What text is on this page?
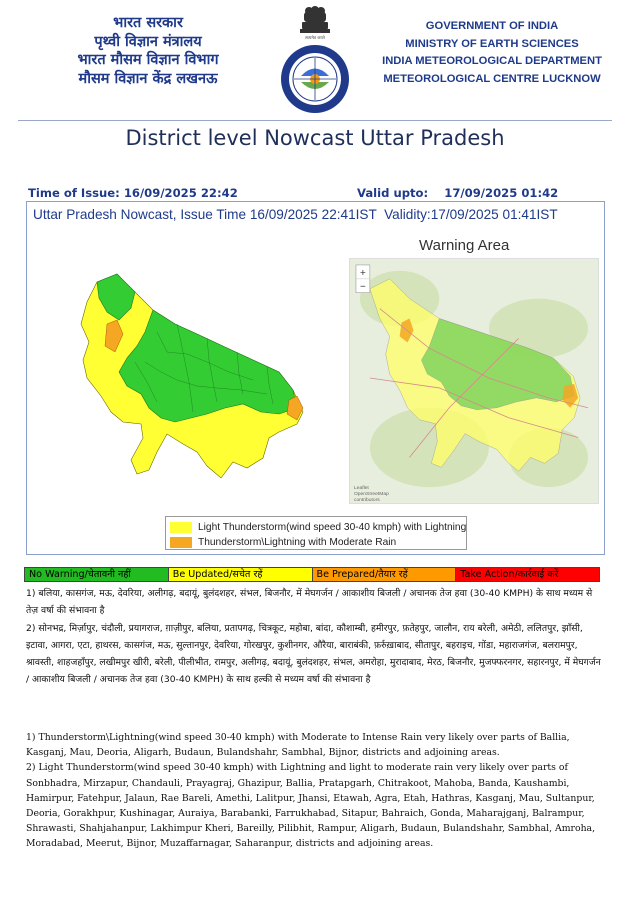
भारत सरकार
पृथ्वी विज्ञान मंत्रालय
भारत मौसम विज्ञान विभाग
मौसम विज्ञान केंद्र लखनऊ
सत्यमेव जयते
GOVERNMENT OF INDIA
MINISTRY OF EARTH SCIENCES
INDIA METEOROLOGICAL DEPARTMENT
METEOROLOGICAL CENTRE LUCKNOW
District level Nowcast Uttar Pradesh
Time of Issue: 16/09/2025 22:42	Valid upto:    17/09/2025 01:42
Uttar Pradesh Nowcast, Issue Time 16/09/2025 22:41IST  Validity:17/09/2025 01:41IST
Warning Area
+
−
Leaflet
OpenStreetMap
contributors
Light Thunderstorm(wind speed 30-40 kmph) with Lightning
Thunderstorm\Lightning with Moderate Rain
No Warning/चेतावनी नहीं	Be Updated/सचेत रहें	Be Prepared/तैयार रहें	Take Action/कार्रवाई करें

1) बलिया, कासगंज, मऊ, देवरिया, अलीगढ़, बदायूं, बुलंदशहर, संभल, बिजनौर, में मेघगर्जन / आकाशीय बिजली / अचानक तेज हवा (30-40 KMPH) के साथ मध्यम से तेज़ वर्षा की संभावना है

2) सोनभद्र, मिर्ज़ापुर, चंदौली, प्रयागराज, ग़ाज़ीपुर, बलिया, प्रतापगढ़, चित्रकूट, महोबा, बांदा, कौशाम्बी, हमीरपुर, फ़तेहपुर, जालौन, राय बरेली, अमेठी, ललितपुर, झाँसी, इटावा, आगरा, एटा, हाथरस, कासगंज, मऊ, सुल्तानपुर, देवरिया, गोरखपुर, कुशीनगर, औरैया, बाराबंकी, फ़र्रुख़ाबाद, सीतापुर, बहराइच, गोंडा, महाराजगंज, बलरामपुर, श्रावस्ती, शाहजहाँपुर, लखीमपुर खीरी, बरेली, पीलीभीत, रामपुर, अलीगढ़, बदायूं, बुलंदशहर, संभल, अमरोहा, मुरादाबाद, मेरठ, बिजनौर, मुजफ्फरनगर, सहारनपुर, में मेघगर्जन / आकाशीय बिजली / अचानक तेज हवा (30-40 KMPH) के साथ हल्की से मध्यम वर्षा की संभावना है

1) Thunderstorm\Lightning(wind speed 30-40 kmph) with Moderate to Intense Rain very likely over parts of Ballia, Kasganj, Mau, Deoria, Aligarh, Budaun, Bulandshahr, Sambhal, Bijnor, districts and adjoining areas.

2) Light Thunderstorm(wind speed 30-40 kmph) with Lightning and light to moderate rain very likely over parts of Sonbhadra, Mirzapur, Chandauli, Prayagraj, Ghazipur, Ballia, Pratapgarh, Chitrakoot, Mahoba, Banda, Kaushambi, Hamirpur, Fatehpur, Jalaun, Rae Bareli, Amethi, Lalitpur, Jhansi, Etawah, Agra, Etah, Hathras, Kasganj, Mau, Sultanpur, Deoria, Gorakhpur, Kushinagar, Auraiya, Barabanki, Farrukhabad, Sitapur, Bahraich, Gonda, Maharajganj, Balrampur, Shrawasti, Shahjahanpur, Lakhimpur Kheri, Bareilly, Pilibhit, Rampur, Aligarh, Budaun, Bulandshahr, Sambhal, Amroha, Moradabad, Meerut, Bijnor, Muzaffarnagar, Saharanpur, districts and adjoining areas.
